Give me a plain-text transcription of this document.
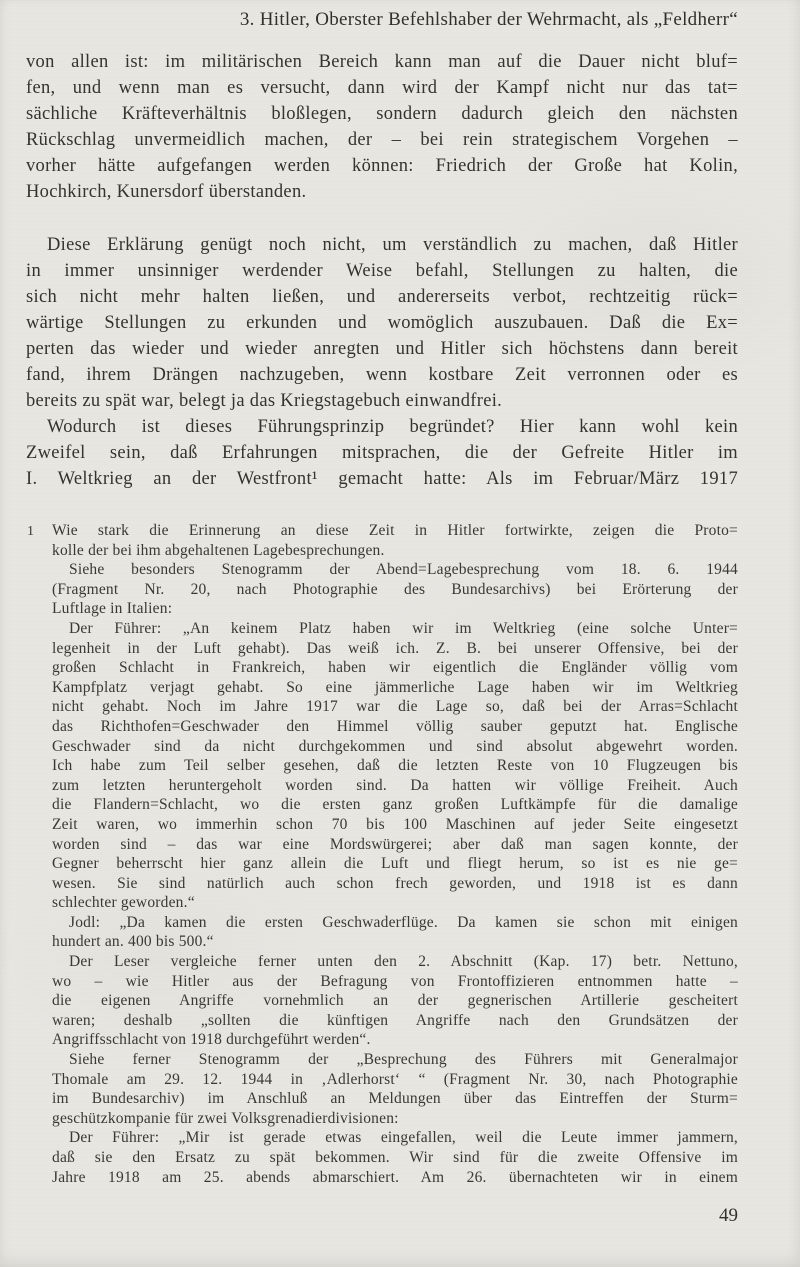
3. Hitler, Oberster Befehlshaber der Wehrmacht, als „Feldherr“
von allen ist: im militärischen Bereich kann man auf die Dauer nicht bluf=
fen, und wenn man es versucht, dann wird der Kampf nicht nur das tat=
sächliche Kräfteverhältnis bloßlegen, sondern dadurch gleich den nächsten
Rückschlag unvermeidlich machen, der – bei rein strategischem Vorgehen –
vorher hätte aufgefangen werden können: Friedrich der Große hat Kolin,
Hochkirch, Kunersdorf überstanden.
Diese Erklärung genügt noch nicht, um verständlich zu machen, daß Hitler
in immer unsinniger werdender Weise befahl, Stellungen zu halten, die
sich nicht mehr halten ließen, und andererseits verbot, rechtzeitig rück=
wärtige Stellungen zu erkunden und womöglich auszubauen. Daß die Ex=
perten das wieder und wieder anregten und Hitler sich höchstens dann bereit
fand, ihrem Drängen nachzugeben, wenn kostbare Zeit verronnen oder es
bereits zu spät war, belegt ja das Kriegstagebuch einwandfrei.
Wodurch ist dieses Führungsprinzip begründet? Hier kann wohl kein
Zweifel sein, daß Erfahrungen mitsprachen, die der Gefreite Hitler im
I. Weltkrieg an der Westfront¹ gemacht hatte: Als im Februar/März 1917
1 Wie stark die Erinnerung an diese Zeit in Hitler fortwirkte, zeigen die Proto=
kolle der bei ihm abgehaltenen Lagebesprechungen.
Siehe besonders Stenogramm der Abend=Lagebesprechung vom 18. 6. 1944
(Fragment Nr. 20, nach Photographie des Bundesarchivs) bei Erörterung der
Luftlage in Italien:
Der Führer: „An keinem Platz haben wir im Weltkrieg (eine solche Unter=
legenheit in der Luft gehabt). Das weiß ich. Z. B. bei unserer Offensive, bei der
großen Schlacht in Frankreich, haben wir eigentlich die Engländer völlig vom
Kampfplatz verjagt gehabt. So eine jämmerliche Lage haben wir im Weltkrieg
nicht gehabt. Noch im Jahre 1917 war die Lage so, daß bei der Arras=Schlacht
das Richthofen=Geschwader den Himmel völlig sauber geputzt hat. Englische
Geschwader sind da nicht durchgekommen und sind absolut abgewehrt worden.
Ich habe zum Teil selber gesehen, daß die letzten Reste von 10 Flugzeugen bis
zum letzten heruntergeholt worden sind. Da hatten wir völlige Freiheit. Auch
die Flandern=Schlacht, wo die ersten ganz großen Luftkämpfe für die damalige
Zeit waren, wo immerhin schon 70 bis 100 Maschinen auf jeder Seite eingesetzt
worden sind – das war eine Mordswürgerei; aber daß man sagen konnte, der
Gegner beherrscht hier ganz allein die Luft und fliegt herum, so ist es nie ge=
wesen. Sie sind natürlich auch schon frech geworden, und 1918 ist es dann
schlechter geworden.“
Jodl: „Da kamen die ersten Geschwaderflüge. Da kamen sie schon mit einigen
hundert an. 400 bis 500.“
Der Leser vergleiche ferner unten den 2. Abschnitt (Kap. 17) betr. Nettuno,
wo – wie Hitler aus der Befragung von Frontoffizieren entnommen hatte –
die eigenen Angriffe vornehmlich an der gegnerischen Artillerie gescheitert
waren; deshalb „sollten die künftigen Angriffe nach den Grundsätzen der
Angriffsschlacht von 1918 durchgeführt werden“.
Siehe ferner Stenogramm der „Besprechung des Führers mit Generalmajor
Thomale am 29. 12. 1944 in ‚Adlerhorst‘ “ (Fragment Nr. 30, nach Photographie
im Bundesarchiv) im Anschluß an Meldungen über das Eintreffen der Sturm=
geschützkompanie für zwei Volksgrenadierdivisionen:
Der Führer: „Mir ist gerade etwas eingefallen, weil die Leute immer jammern,
daß sie den Ersatz zu spät bekommen. Wir sind für die zweite Offensive im
Jahre 1918 am 25. abends abmarschiert. Am 26. übernachteten wir in einem
49
